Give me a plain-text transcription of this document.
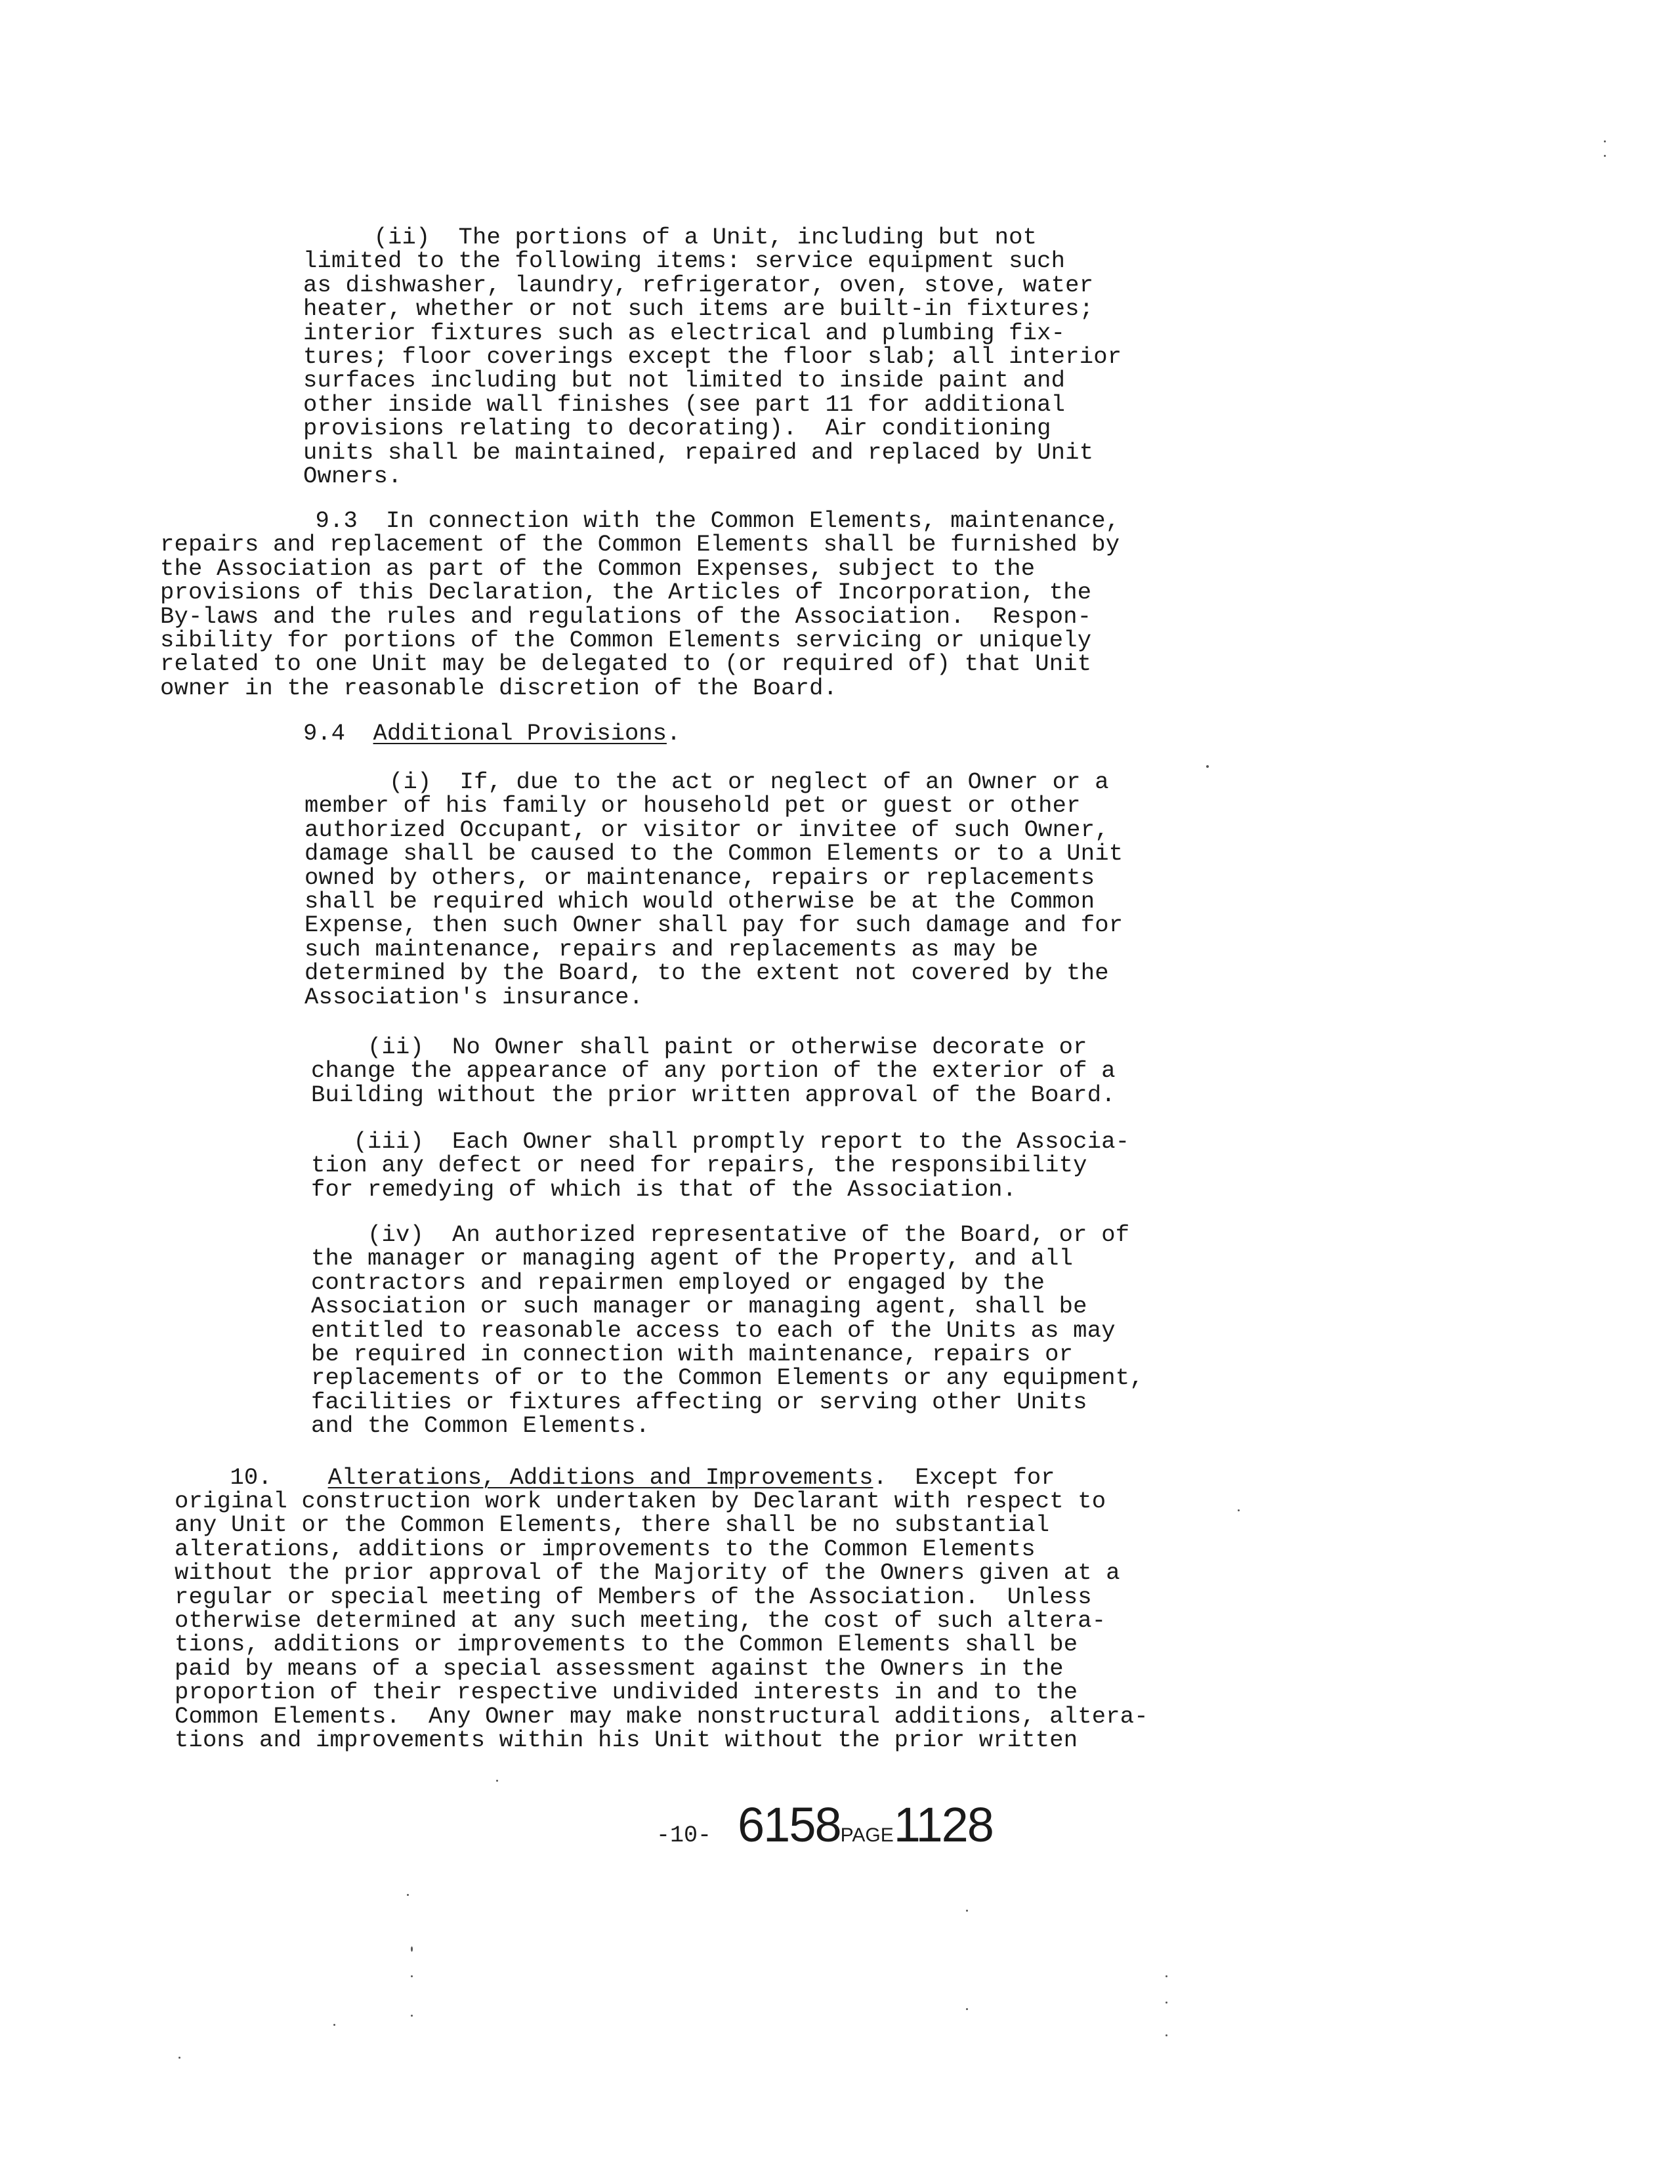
(ii)  The portions of a Unit, including but not
limited to the following items: service equipment such
as dishwasher, laundry, refrigerator, oven, stove, water
heater, whether or not such items are built-in fixtures;
interior fixtures such as electrical and plumbing fix-
tures; floor coverings except the floor slab; all interior
surfaces including but not limited to inside paint and
other inside wall finishes (see part 11 for additional
provisions relating to decorating).  Air conditioning
units shall be maintained, repaired and replaced by Unit
Owners.
9.3  In connection with the Common Elements, maintenance,
repairs and replacement of the Common Elements shall be furnished by
the Association as part of the Common Expenses, subject to the
provisions of this Declaration, the Articles of Incorporation, the
By-laws and the rules and regulations of the Association.  Respon-
sibility for portions of the Common Elements servicing or uniquely
related to one Unit may be delegated to (or required of) that Unit
owner in the reasonable discretion of the Board.
9.4  Additional Provisions.
(i)  If, due to the act or neglect of an Owner or a
member of his family or household pet or guest or other
authorized Occupant, or visitor or invitee of such Owner,
damage shall be caused to the Common Elements or to a Unit
owned by others, or maintenance, repairs or replacements
shall be required which would otherwise be at the Common
Expense, then such Owner shall pay for such damage and for
such maintenance, repairs and replacements as may be
determined by the Board, to the extent not covered by the
Association's insurance.
(ii)  No Owner shall paint or otherwise decorate or
change the appearance of any portion of the exterior of a
Building without the prior written approval of the Board.
(iii)  Each Owner shall promptly report to the Associa-
tion any defect or need for repairs, the responsibility
for remedying of which is that of the Association.
(iv)  An authorized representative of the Board, or of
the manager or managing agent of the Property, and all
contractors and repairmen employed or engaged by the
Association or such manager or managing agent, shall be
entitled to reasonable access to each of the Units as may
be required in connection with maintenance, repairs or
replacements of or to the Common Elements or any equipment,
facilities or fixtures affecting or serving other Units
and the Common Elements.
10.    Alterations, Additions and Improvements.  Except for
original construction work undertaken by Declarant with respect to
any Unit or the Common Elements, there shall be no substantial
alterations, additions or improvements to the Common Elements
without the prior approval of the Majority of the Owners given at a
regular or special meeting of Members of the Association.  Unless
otherwise determined at any such meeting, the cost of such altera-
tions, additions or improvements to the Common Elements shall be
paid by means of a special assessment against the Owners in the
proportion of their respective undivided interests in and to the
Common Elements.  Any Owner may make nonstructural additions, altera-
tions and improvements within his Unit without the prior written
-10- 6158PAGE1128
